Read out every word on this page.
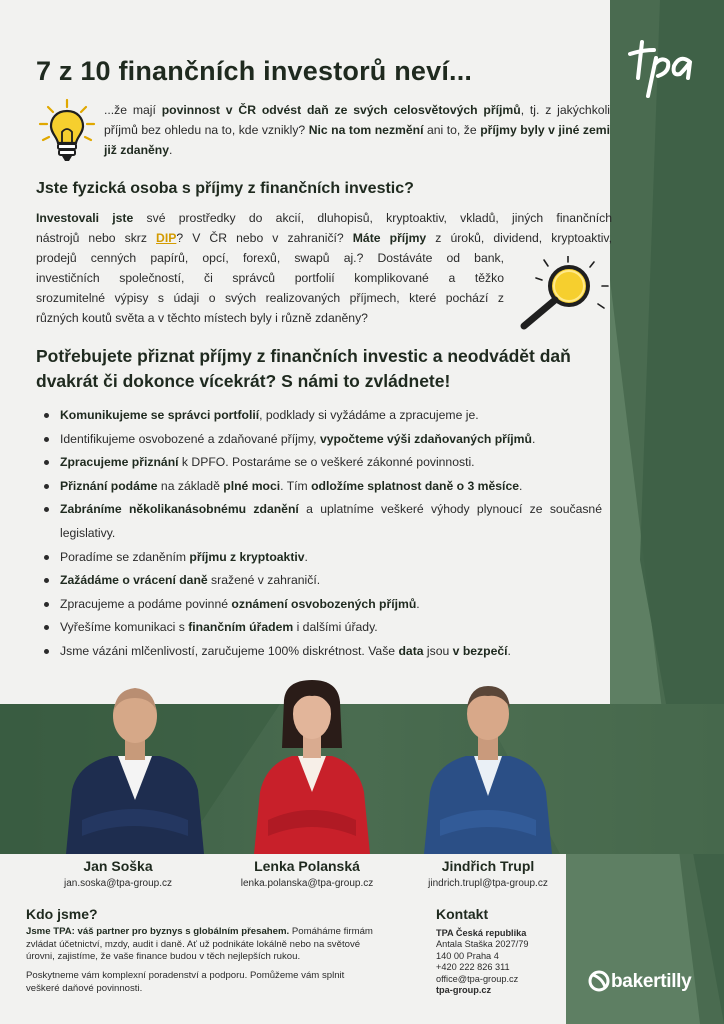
7 z 10 finančních investorů neví...

...že mají povinnost v ČR odvést daň ze svých celosvětových příjmů, tj. z jakýchkoli příjmů bez ohledu na to, kde vznikly? Nic na tom nezmění ani to, že příjmy byly v jiné zemi již zdaněny.

Jste fyzická osoba s příjmy z finančních investic?

Investovali jste své prostředky do akcií, dluhopisů, kryptoaktiv, vkladů, jiných finančních
nástrojů nebo skrz DIP? V ČR nebo v zahraničí? Máte příjmy z úroků, dividend, kryptoaktiv,
prodejů cenných papírů, opcí, forexů, swapů aj.? Dostáváte od bank,
investičních společností, či správců portfolií komplikované a těžko
srozumitelné výpisy s údaji o svých realizovaných příjmech, které pochází z
různých koutů světa a v těchto místech byly i různě zdaněny?

Potřebujete přiznat příjmy z finančních investic a neodvádět daň dvakrát či dokonce vícekrát? S námi to zvládnete!
Komunikujeme se správci portfolií, podklady si vyžádáme a zpracujeme je.
Identifikujeme osvobozené a zdaňované příjmy, vypočteme výši zdaňovaných příjmů.
Zpracujeme přiznání k DPFO. Postaráme se o veškeré zákonné povinnosti.
Přiznání podáme na základě plné moci. Tím odložíme splatnost daně o 3 měsíce.
Zabráníme několikanásobnému zdanění a uplatníme veškeré výhody plynoucí ze současné legislativy.
Poradíme se zdaněním příjmu z kryptoaktiv.
Zažádáme o vrácení daně sražené v zahraničí.
Zpracujeme a podáme povinné oznámení osvobozených příjmů.
Vyřešíme komunikaci s finančním úřadem i dalšími úřady.
Jsme vázáni mlčenlivostí, zaručujeme 100% diskrétnost. Vaše data jsou v bezpečí.
Jan Soška
jan.soska@tpa-group.cz
Lenka Polanská
lenka.polanska@tpa-group.cz
Jindřich Trupl
jindrich.trupl@tpa-group.cz
Kdo jsme?

Jsme TPA: váš partner pro byznys s globálním přesahem. Pomáháme firmám
zvládat účetnictví, mzdy, audit i daně. Ať už podnikáte lokálně nebo na světové
úrovni, zajistíme, že vaše finance budou v těch nejlepších rukou.

Poskytneme vám komplexní poradenství a podporu. Pomůžeme vám splnit
veškeré daňové povinnosti.

Kontakt

TPA Česká republika
Antala Staška 2027/79
140 00 Praha 4
+420 222 826 311
office@tpa-group.cz
tpa-group.cz	bakertilly
